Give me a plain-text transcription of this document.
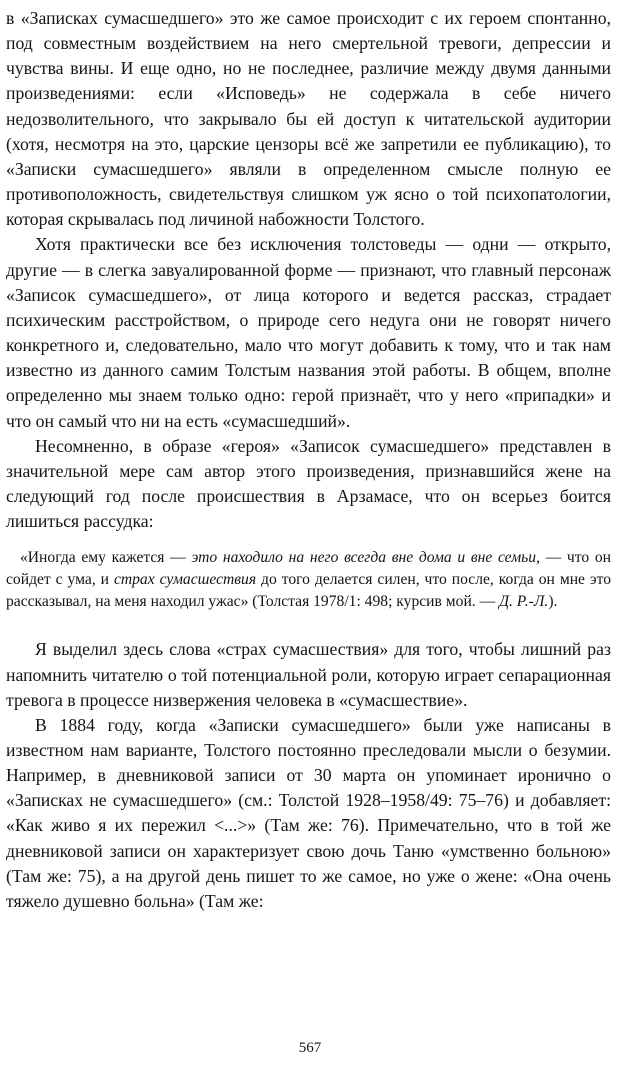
в «Записках сумасшедшего» это же самое происходит с их героем спонтанно, под совместным воздействием на него смертельной тревоги, депрессии и чувства вины. И еще одно, но не последнее, различие между двумя данными произведениями: если «Исповедь» не содержала в себе ничего недозволительного, что закрывало бы ей доступ к читательской аудитории (хотя, несмотря на это, царские цензоры всё же запретили ее публикацию), то «Записки сумасшедшего» являли в определенном смысле полную ее противоположность, свидетельствуя слишком уж ясно о той психопатологии, которая скрывалась под личиной набожности Толстого.

Хотя практически все без исключения толстоведы — одни — открыто, другие — в слегка завуалированной форме — признают, что главный персонаж «Записок сумасшедшего», от лица которого и ведется рассказ, страдает психическим расстройством, о природе сего недуга они не говорят ничего конкретного и, следовательно, мало что могут добавить к тому, что и так нам известно из данного самим Толстым названия этой работы. В общем, вполне определенно мы знаем только одно: герой признаёт, что у него «припадки» и что он самый что ни на есть «сумасшедший».

Несомненно, в образе «героя» «Записок сумасшедшего» представлен в значительной мере сам автор этого произведения, признавшийся жене на следующий год после происшествия в Арзамасе, что он всерьез боится лишиться рассудка:

«Иногда ему кажется — это находило на него всегда вне дома и вне семьи, — что он сойдет с ума, и страх сумасшествия до того делается силен, что после, когда он мне это рассказывал, на меня находил ужас» (Толстая 1978/1: 498; курсив мой. — Д. Р.-Л.).

Я выделил здесь слова «страх сумасшествия» для того, чтобы лишний раз напомнить читателю о той потенциальной роли, которую играет сепарационная тревога в процессе низвержения человека в «сумасшествие».

В 1884 году, когда «Записки сумасшедшего» были уже написаны в известном нам варианте, Толстого постоянно преследовали мысли о безумии. Например, в дневниковой записи от 30 марта он упоминает иронично о «Записках не сумасшедшего» (см.: Толстой 1928–1958/49: 75–76) и добавляет: «Как живо я их пережил <...>» (Там же: 76). Примечательно, что в той же дневниковой записи он характеризует свою дочь Таню «умственно больною» (Там же: 75), а на другой день пишет то же самое, но уже о жене: «Она очень тяжело душевно больна» (Там же:

567
